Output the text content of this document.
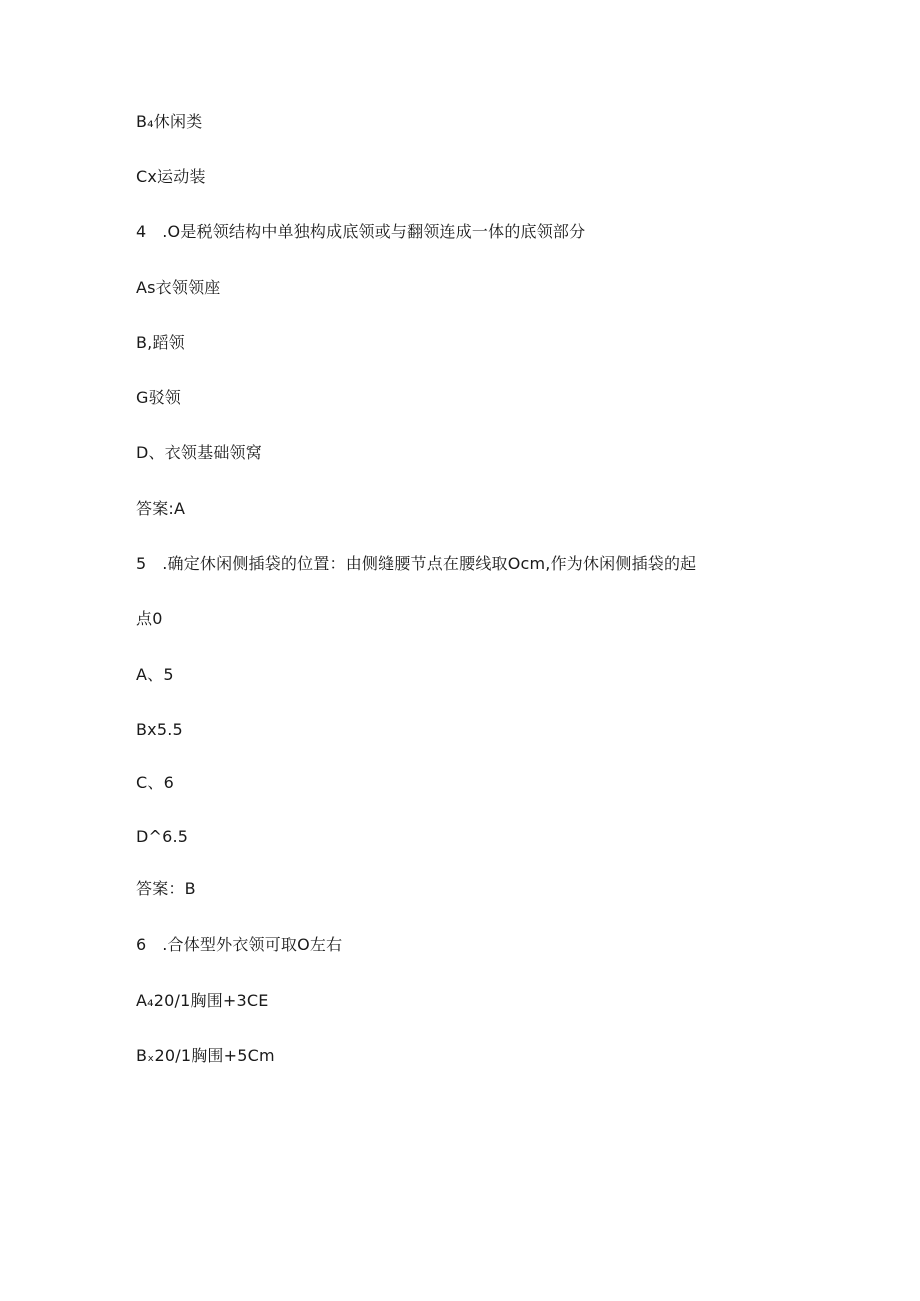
B₄休闲类
Cx运动装
4   .O是税领结构中单独构成底领或与翻领连成一体的底领部分
As衣领领座
B,蹈领
G驳领
D、衣领基础领窝
答案:A
5   .确定休闲侧插袋的位置：由侧缝腰节点在腰线取Ocm,作为休闲侧插袋的起
点0
A、5
Bx5.5
C、6
D^6.5
答案：B
6   .合体型外衣领可取O左右
A₄20/1胸围+3CE
Bₓ20/1胸围+5Cm
